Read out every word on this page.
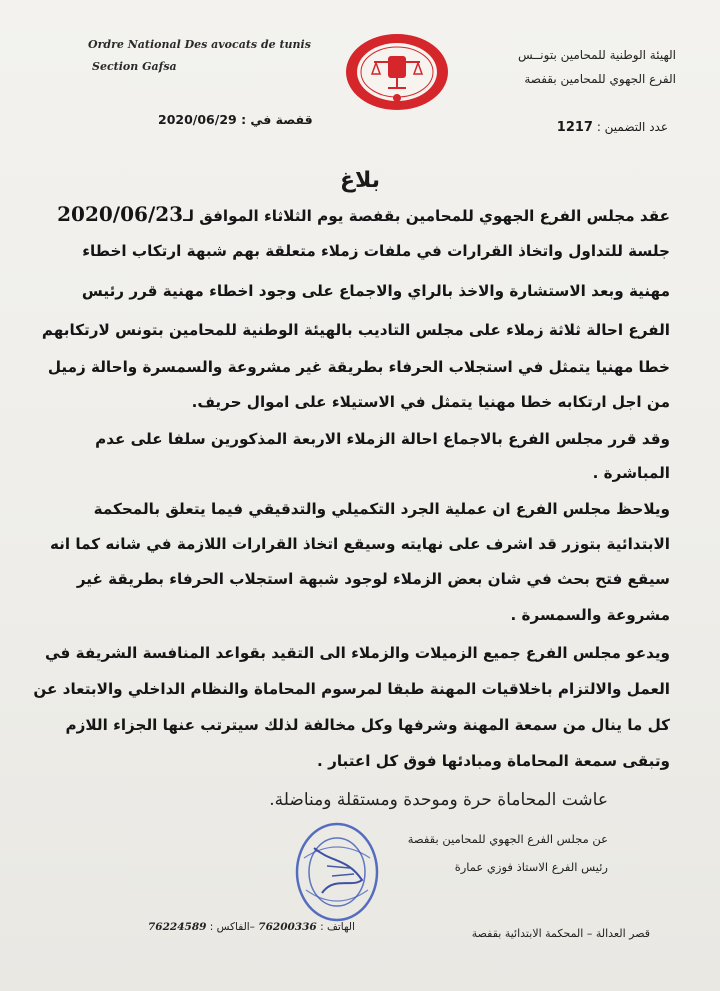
Ordre National Des avocats de tunis
Section Gafsa
الهيئة الوطنية للمحامين بتونــس
الفرع الجهوي للمحامين بقفصة
قفصة في : 2020/06/29	عدد التضمين : 1217
بلاغ
عقد مجلس الفرع الجهوي للمحامين بقفصة يوم الثلاثاء الموافق لـ2020/06/23
جلسة للتداول واتخاذ القرارات في ملفات زملاء متعلقة بهم شبهة ارتكاب اخطاء
مهنية وبعد الاستشارة والاخذ بالراي والاجماع على وجود اخطاء مهنية قرر رئيس
الفرع احالة ثلاثة زملاء على مجلس التاديب بالهيئة الوطنية للمحامين بتونس لارتكابهم
خطا مهنيا يتمثل في استجلاب الحرفاء بطريقة غير مشروعة والسمسرة واحالة زميل
من اجل ارتكابه خطا مهنيا يتمثل في الاستيلاء على اموال حريف.
وقد قرر مجلس الفرع بالاجماع احالة الزملاء الاربعة المذكورين سلفا على عدم
المباشرة .
ويلاحظ مجلس الفرع ان عملية الجرد التكميلي والتدقيقي فيما يتعلق بالمحكمة
الابتدائية بتوزر قد اشرف على نهايته وسيقع اتخاذ القرارات اللازمة في شانه كما انه
سيقع فتح بحث في شان بعض الزملاء لوجود شبهة استجلاب الحرفاء بطريقة غير
مشروعة والسمسرة .
ويدعو مجلس الفرع جميع الزميلات والزملاء الى التقيد بقواعد المنافسة الشريفة في
العمل والالتزام باخلاقيات المهنة طبقا لمرسوم المحاماة والنظام الداخلي والابتعاد عن
كل ما ينال من سمعة المهنة وشرفها وكل مخالفة لذلك سيترتب عنها الجزاء اللازم
وتبقى سمعة المحاماة ومبادئها فوق كل اعتبار .
عاشت المحاماة حرة وموحدة ومستقلة ومناضلة.
عن مجلس الفرع الجهوي للمحامين بقفصة
رئيس الفرع الاستاذ فوزي عمارة
قصر العدالة – المحكمة الابتدائية بقفصة
الهاتف : 76200336 –الفاكس : 76224589
